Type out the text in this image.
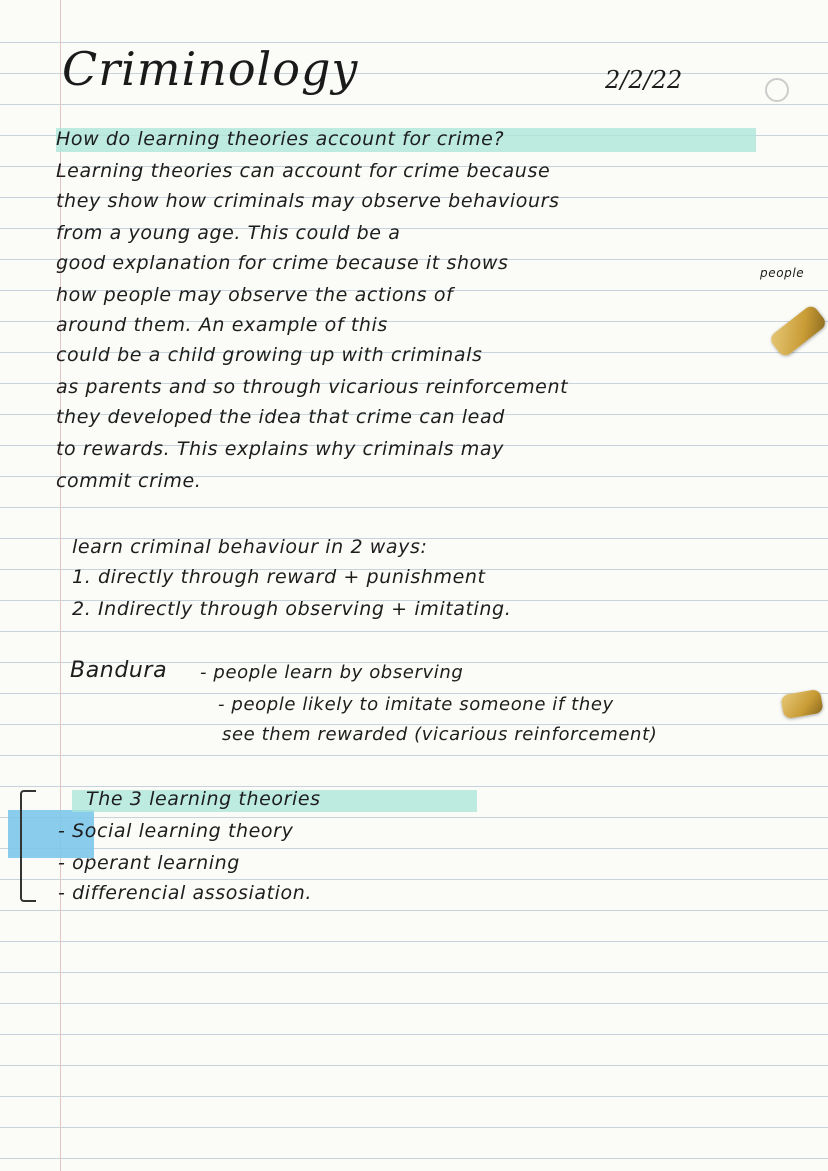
Criminology	2/2/22
How do learning theories account for crime?
Learning theories can account for crime because
they show how criminals may observe behaviours
from a young age. This could be a
good explanation for crime because it shows	people
how people may observe the actions of
around them. An example of this
could be a child growing up with criminals
as parents and so through vicarious reinforcement
they developed the idea that crime can lead
to rewards. This explains why criminals may
commit crime.
learn criminal behaviour in 2 ways:
1. directly through reward + punishment
2. Indirectly through observing + imitating.
Bandura - people learn by observing
- people likely to imitate someone if they
see them rewarded (vicarious reinforcement)
The 3 learning theories
- Social learning theory
- operant learning
- differencial assosiation.
